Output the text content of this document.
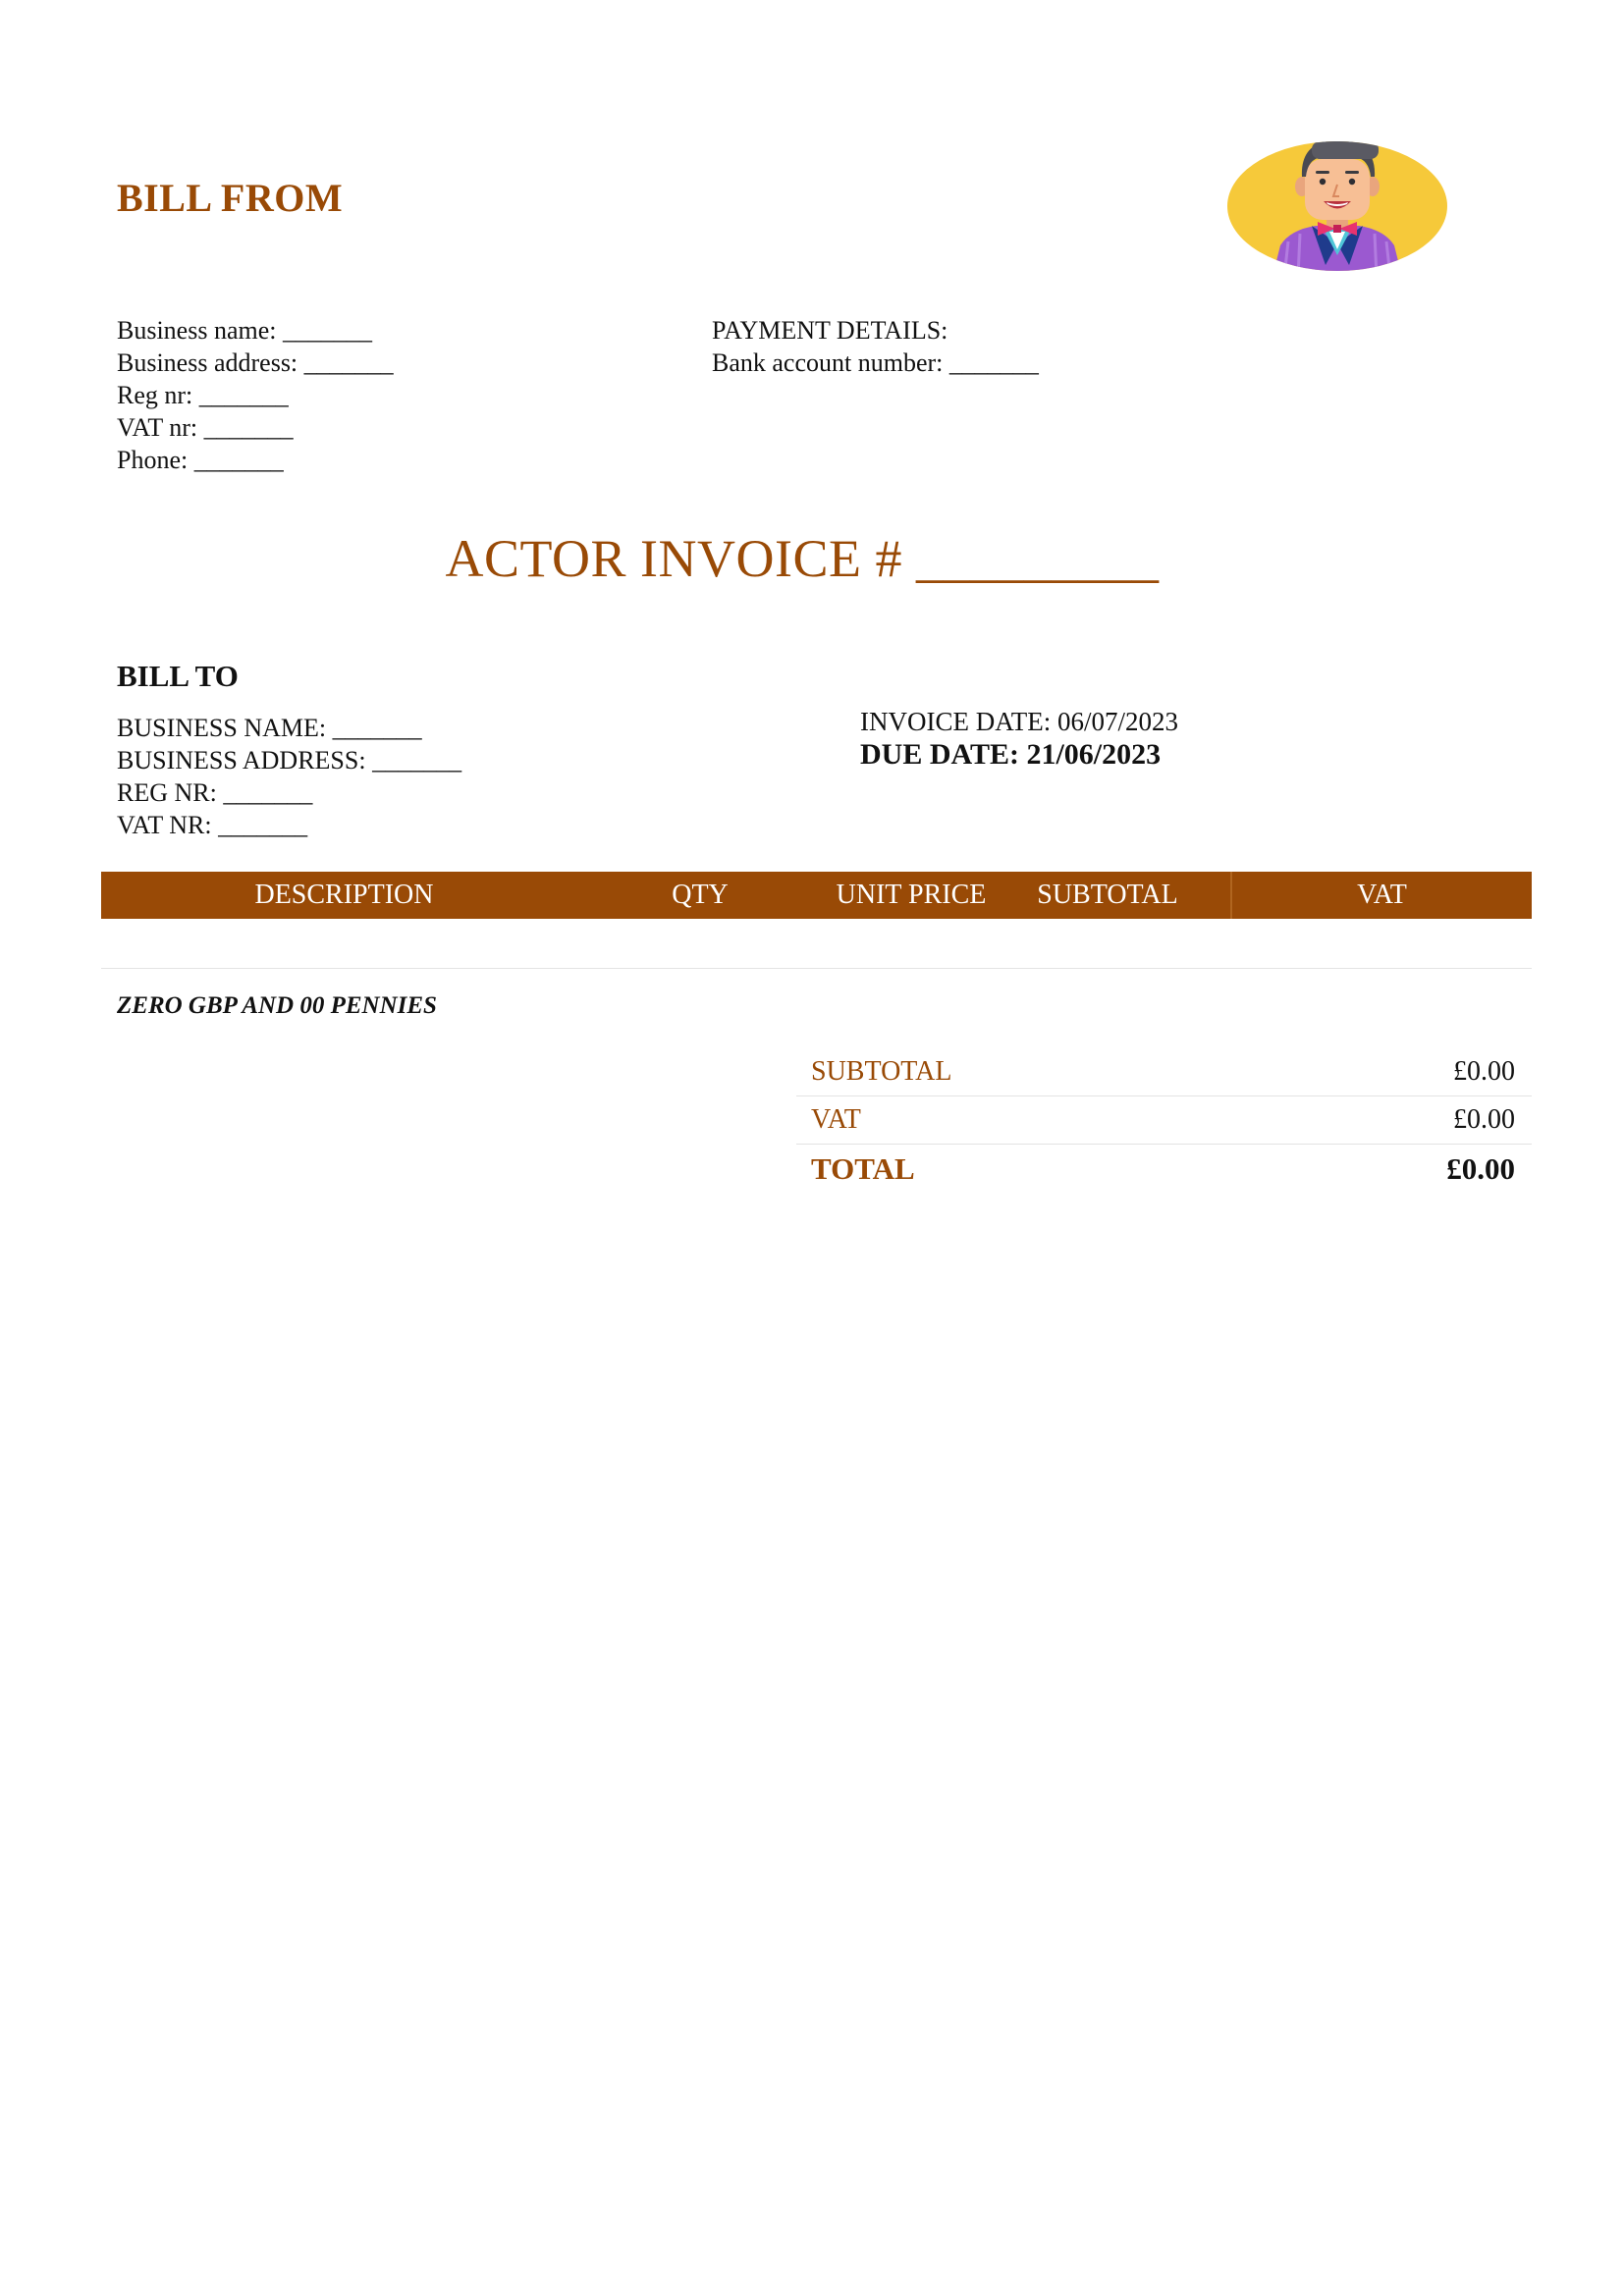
BILL FROM
Business name: _______
Business address: _______
Reg nr: _______
VAT nr: _______
Phone: _______
PAYMENT DETAILS:
Bank account number: _______
ACTOR INVOICE # _________
BILL TO
BUSINESS NAME: _______
BUSINESS ADDRESS: _______
REG NR: _______
VAT NR: _______
INVOICE DATE: 06/07/2023
DUE DATE: 21/06/2023
DESCRIPTION	QTY	UNIT PRICE	SUBTOTAL	VAT
ZERO GBP AND 00 PENNIES
SUBTOTAL	£0.00
VAT	£0.00
TOTAL	£0.00
